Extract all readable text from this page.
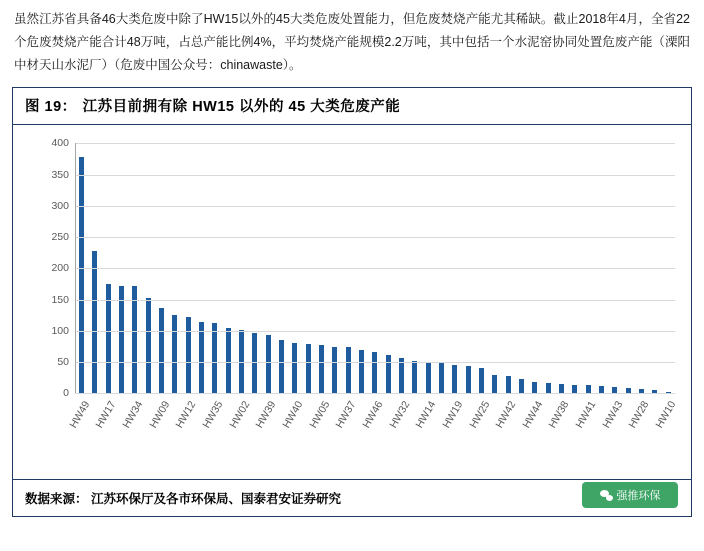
虽然江苏省具备46大类危废中除了HW15以外的45大类危废处置能力，但危废焚烧产能尤其稀缺。截止2018年4月，全省22个危废焚烧产能合计48万吨，占总产能比例4%，平均焚烧产能规模2.2万吨，其中包括一个水泥窑协同处置危废产能（溧阳中材天山水泥厂）（危废中国公众号：chinawaste）。
图 19： 江苏目前拥有除 HW15 以外的 45 大类危废产能
0
50
100
150
200
250
300
350
400
HW49 HW17 HW34 HW09 HW12 HW35 HW02 HW39 HW40 HW05 HW37 HW46 HW32 HW14 HW19 HW25 HW42 HW44 HW38 HW41 HW43 HW28 HW10
数据来源： 江苏环保厅及各市环保局、国泰君安证券研究	强推环保
